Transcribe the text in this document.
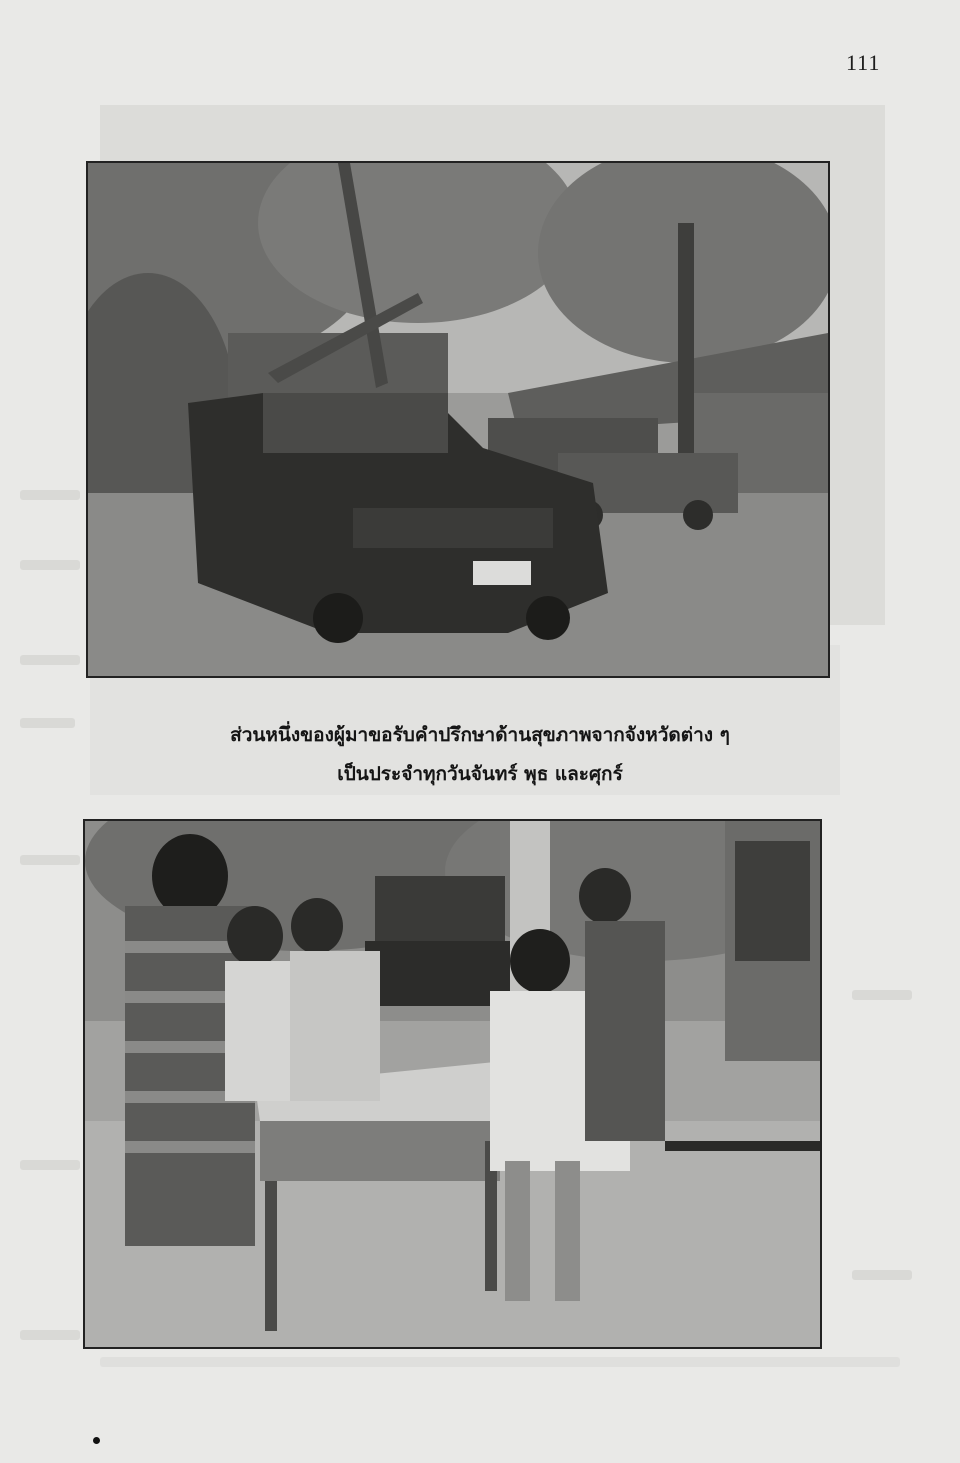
111
ส่วนหนึ่งของผู้มาขอรับคำปรึกษาด้านสุขภาพจากจังหวัดต่าง ๆ
เป็นประจำทุกวันจันทร์ พุธ และศุกร์
